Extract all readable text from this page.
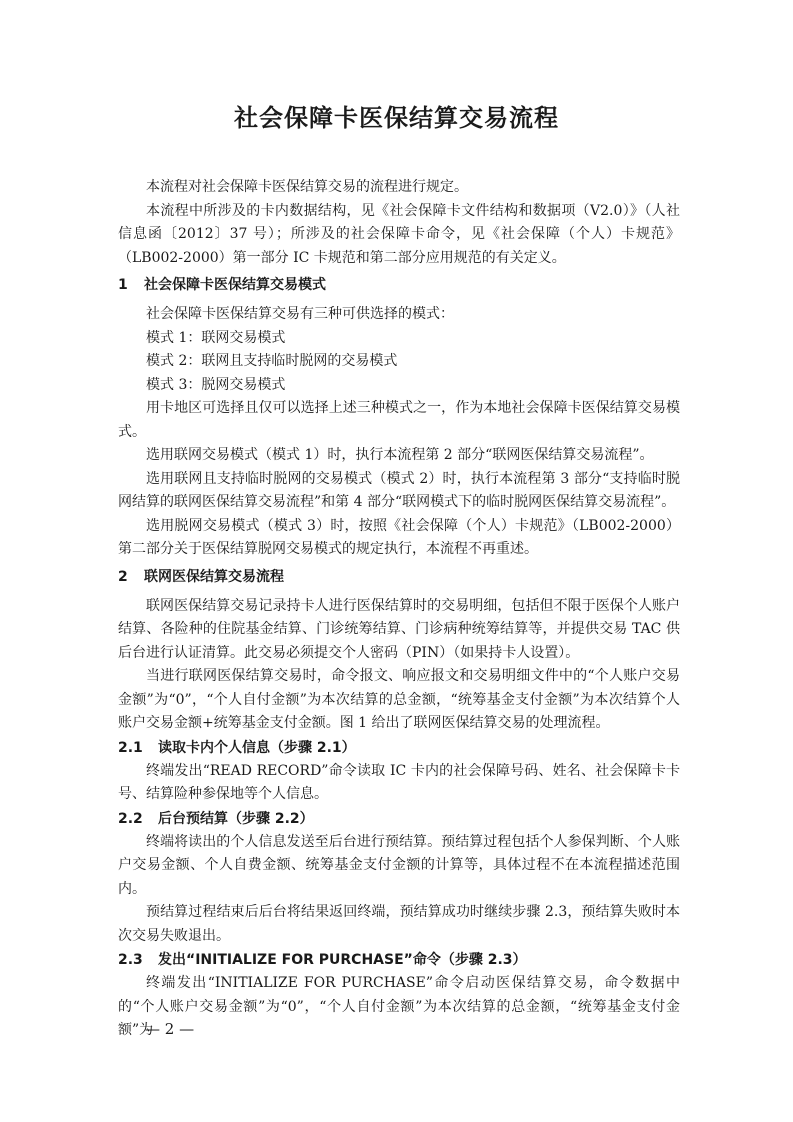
社会保障卡医保结算交易流程

本流程对社会保障卡医保结算交易的流程进行规定。

本流程中所涉及的卡内数据结构，见《社会保障卡文件结构和数据项（V2.0）》（人社信息函〔2012〕37 号）；所涉及的社会保障卡命令，见《社会保障（个人）卡规范》（LB002-2000）第一部分 IC 卡规范和第二部分应用规范的有关定义。

1 社会保障卡医保结算交易模式

社会保障卡医保结算交易有三种可供选择的模式：

模式 1：联网交易模式

模式 2：联网且支持临时脱网的交易模式

模式 3：脱网交易模式

用卡地区可选择且仅可以选择上述三种模式之一，作为本地社会保障卡医保结算交易模式。

选用联网交易模式（模式 1）时，执行本流程第 2 部分“联网医保结算交易流程”。

选用联网且支持临时脱网的交易模式（模式 2）时，执行本流程第 3 部分“支持临时脱网结算的联网医保结算交易流程”和第 4 部分“联网模式下的临时脱网医保结算交易流程”。

选用脱网交易模式（模式 3）时，按照《社会保障（个人）卡规范》（LB002-2000）第二部分关于医保结算脱网交易模式的规定执行，本流程不再重述。

2 联网医保结算交易流程

联网医保结算交易记录持卡人进行医保结算时的交易明细，包括但不限于医保个人账户结算、各险种的住院基金结算、门诊统筹结算、门诊病种统筹结算等，并提供交易 TAC 供后台进行认证清算。此交易必须提交个人密码（PIN）（如果持卡人设置）。

当进行联网医保结算交易时，命令报文、响应报文和交易明细文件中的“个人账户交易金额”为“0”，“个人自付金额”为本次结算的总金额，“统筹基金支付金额”为本次结算个人账户交易金额+统筹基金支付金额。图 1 给出了联网医保结算交易的处理流程。

2.1 读取卡内个人信息（步骤 2.1）

终端发出“READ RECORD”命令读取 IC 卡内的社会保障号码、姓名、社会保障卡卡号、结算险种参保地等个人信息。

2.2 后台预结算（步骤 2.2）

终端将读出的个人信息发送至后台进行预结算。预结算过程包括个人参保判断、个人账户交易金额、个人自费金额、统筹基金支付金额的计算等，具体过程不在本流程描述范围内。

预结算过程结束后后台将结果返回终端，预结算成功时继续步骤 2.3，预结算失败时本次交易失败退出。

2.3 发出“INITIALIZE FOR PURCHASE”命令（步骤 2.3）

终端发出“INITIALIZE FOR PURCHASE”命令启动医保结算交易，命令数据中的“个人账户交易金额”为“0”，“个人自付金额”为本次结算的总金额，“统筹基金支付金额”为

— 2 —
